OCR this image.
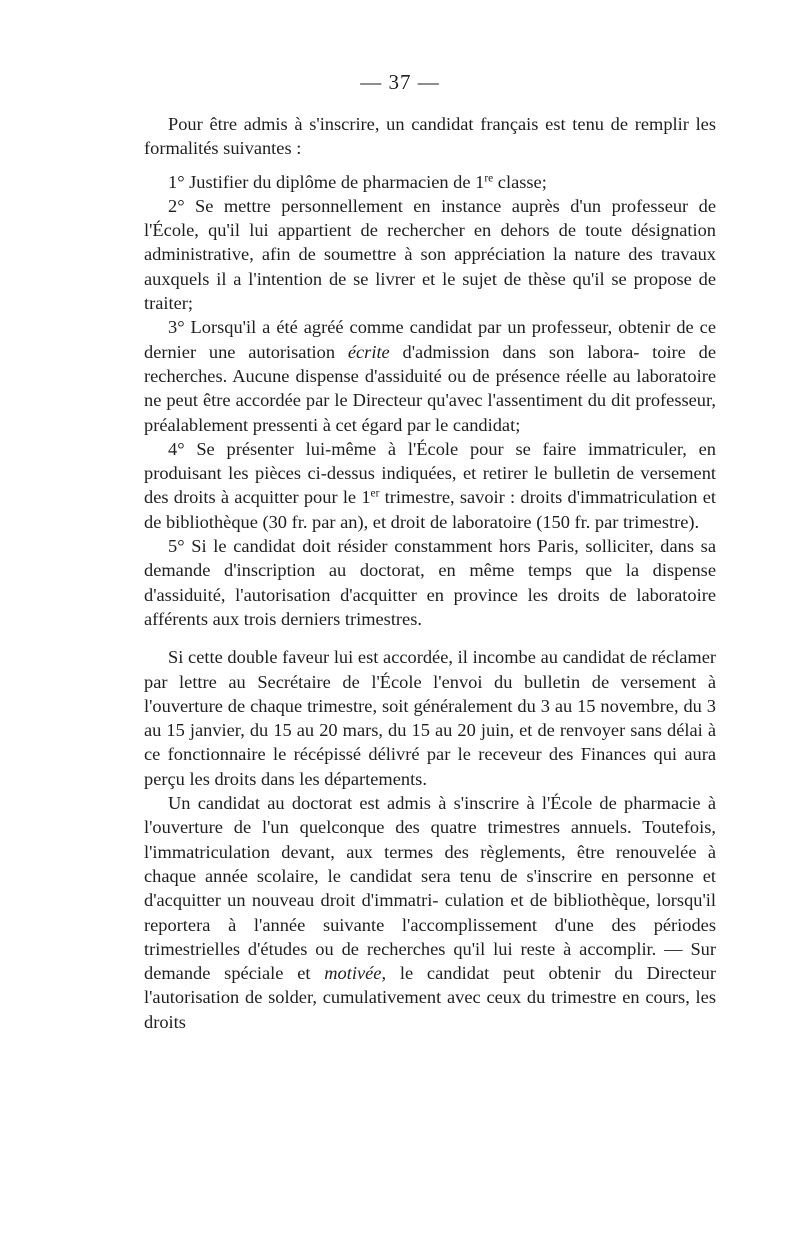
— 37 —

Pour être admis à s'inscrire, un candidat français est tenu de remplir les formalités suivantes :

1° Justifier du diplôme de pharmacien de 1re classe;

2° Se mettre personnellement en instance auprès d'un professeur de l'École, qu'il lui appartient de rechercher en dehors de toute désignation administrative, afin de soumettre à son appréciation la nature des travaux auxquels il a l'intention de se livrer et le sujet de thèse qu'il se propose de traiter;

3° Lorsqu'il a été agréé comme candidat par un professeur, obtenir de ce dernier une autorisation écrite d'admission dans son labora- toire de recherches. Aucune dispense d'assiduité ou de présence réelle au laboratoire ne peut être accordée par le Directeur qu'avec l'assentiment du dit professeur, préalablement pressenti à cet égard par le candidat;

4° Se présenter lui-même à l'École pour se faire immatriculer, en produisant les pièces ci-dessus indiquées, et retirer le bulletin de versement des droits à acquitter pour le 1er trimestre, savoir : droits d'immatriculation et de bibliothèque (30 fr. par an), et droit de laboratoire (150 fr. par trimestre).

5° Si le candidat doit résider constamment hors Paris, solliciter, dans sa demande d'inscription au doctorat, en même temps que la dispense d'assiduité, l'autorisation d'acquitter en province les droits de laboratoire afférents aux trois derniers trimestres.

Si cette double faveur lui est accordée, il incombe au candidat de réclamer par lettre au Secrétaire de l'École l'envoi du bulletin de versement à l'ouverture de chaque trimestre, soit généralement du 3 au 15 novembre, du 3 au 15 janvier, du 15 au 20 mars, du 15 au 20 juin, et de renvoyer sans délai à ce fonctionnaire le récépissé délivré par le receveur des Finances qui aura perçu les droits dans les départements.

Un candidat au doctorat est admis à s'inscrire à l'École de pharmacie à l'ouverture de l'un quelconque des quatre trimestres annuels. Toutefois, l'immatriculation devant, aux termes des règlements, être renouvelée à chaque année scolaire, le candidat sera tenu de s'inscrire en personne et d'acquitter un nouveau droit d'immatri- culation et de bibliothèque, lorsqu'il reportera à l'année suivante l'accomplissement d'une des périodes trimestrielles d'études ou de recherches qu'il lui reste à accomplir. — Sur demande spéciale et motivée, le candidat peut obtenir du Directeur l'autorisation de solder, cumulativement avec ceux du trimestre en cours, les droits
